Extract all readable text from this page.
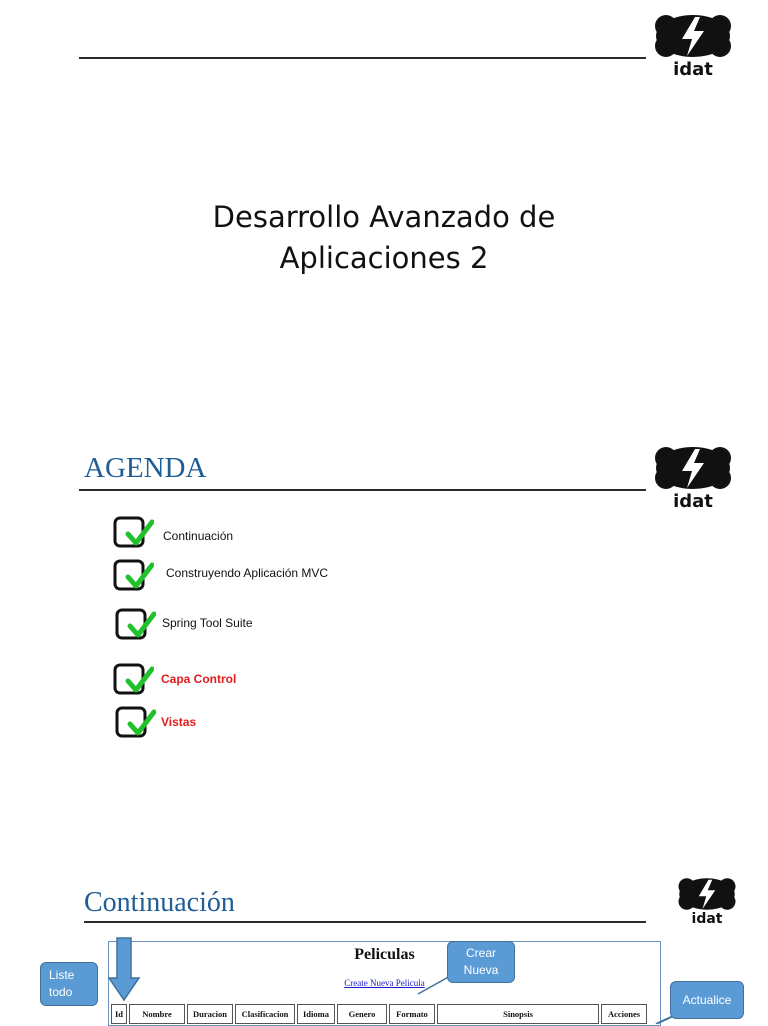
idat
Desarrollo Avanzado de
Aplicaciones 2
AGENDA
idat
Continuación
Construyendo Aplicación MVC
Spring Tool Suite
Capa Control
Vistas
Continuación
idat
Peliculas
Create Nueva Pelicula
Id	Nombre	Duracion	Clasificacion	Idioma	Genero	Formato	Sinopsis	Acciones
Liste todo
Crear Nueva
Actualice
